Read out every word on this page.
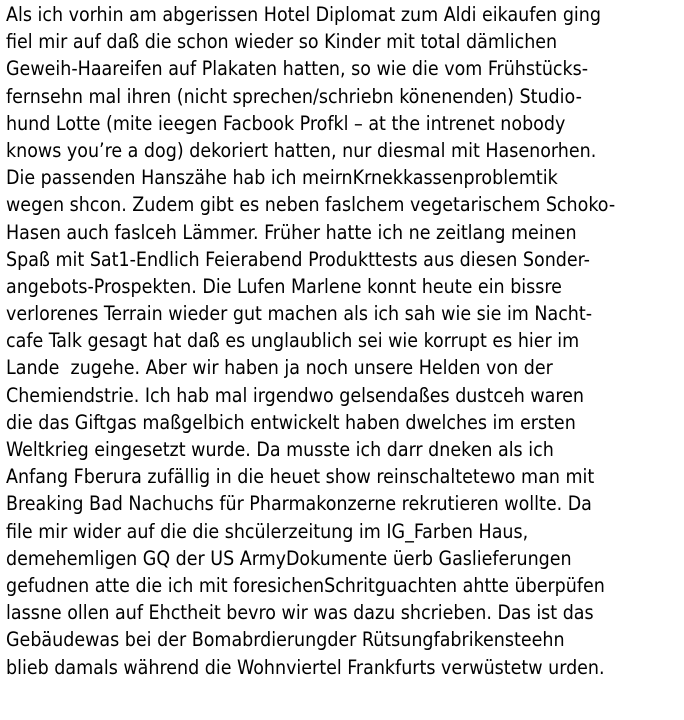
Als ich vorhin am abgerissen Hotel Diplomat zum Aldi eikaufen ging
fiel mir auf daß die schon wieder so Kinder mit total dämlichen
Geweih-Haareifen auf Plakaten hatten, so wie die vom Frühstücks-
fernsehn mal ihren (nicht sprechen/schriebn könenenden) Studio-
hund Lotte (mite ieegen Facbook Profkl – at the intrenet nobody
knows you’re a dog) dekoriert hatten, nur diesmal mit Hasenorhen.
Die passenden Hanszähe hab ich meirnKrnekkassenproblemtik
wegen shcon. Zudem gibt es neben faslchem vegetarischem Schoko-
Hasen auch faslceh Lämmer. Früher hatte ich ne zeitlang meinen
Spaß mit Sat1-Endlich Feierabend Produkttests aus diesen Sonder-
angebots-Prospekten. Die Lufen Marlene konnt heute ein bissre
verlorenes Terrain wieder gut machen als ich sah wie sie im Nacht-
cafe Talk gesagt hat daß es unglaublich sei wie korrupt es hier im
Lande  zugehe. Aber wir haben ja noch unsere Helden von der
Chemiendstrie. Ich hab mal irgendwo gelsendaßes dustceh waren
die das Giftgas maßgelbich entwickelt haben dwelches im ersten
Weltkrieg eingesetzt wurde. Da musste ich darr dneken als ich
Anfang Fberura zufällig in die heuet show reinschaltetewo man mit
Breaking Bad Nachuchs für Pharmakonzerne rekrutieren wollte. Da
file mir wider auf die die shcülerzeitung im IG_Farben Haus,
demehemligen GQ der US ArmyDokumente üerb Gaslieferungen
gefudnen atte die ich mit foresichenSchritguachten ahtte überpüfen
lassne ollen auf Ehctheit bevro wir was dazu shcrieben. Das ist das
Gebäudewas bei der Bomabrdierungder Rütsungfabrikensteehn
blieb damals während die Wohnviertel Frankfurts verwüstetw urden.
